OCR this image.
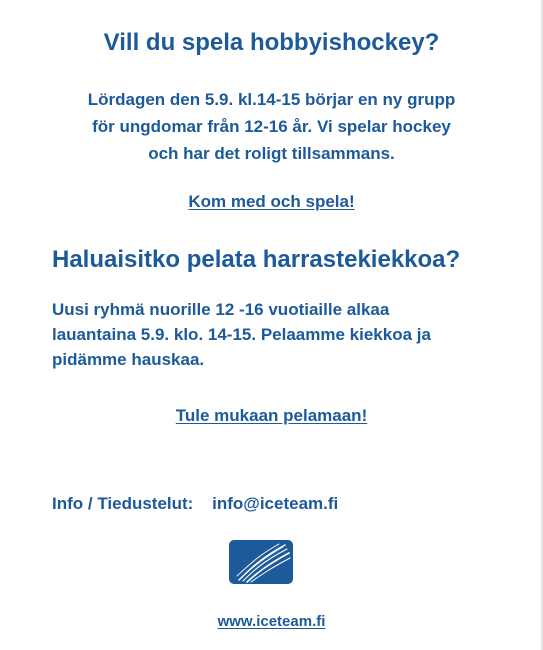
Vill du spela hobbyishockey?
Lördagen den 5.9. kl.14-15 börjar en ny grupp
för ungdomar från 12-16 år. Vi spelar hockey
och har det roligt tillsammans.
Kom med och spela!
Haluaisitko pelata harrastekiekkoa?
Uusi ryhmä nuorille 12 -16 vuotiaille alkaa
lauantaina 5.9. klo. 14-15. Pelaamme kiekkoa ja
pidämme hauskaa.
Tule mukaan pelamaan!
Info / Tiedustelut: info@iceteam.fi
www.iceteam.fi
